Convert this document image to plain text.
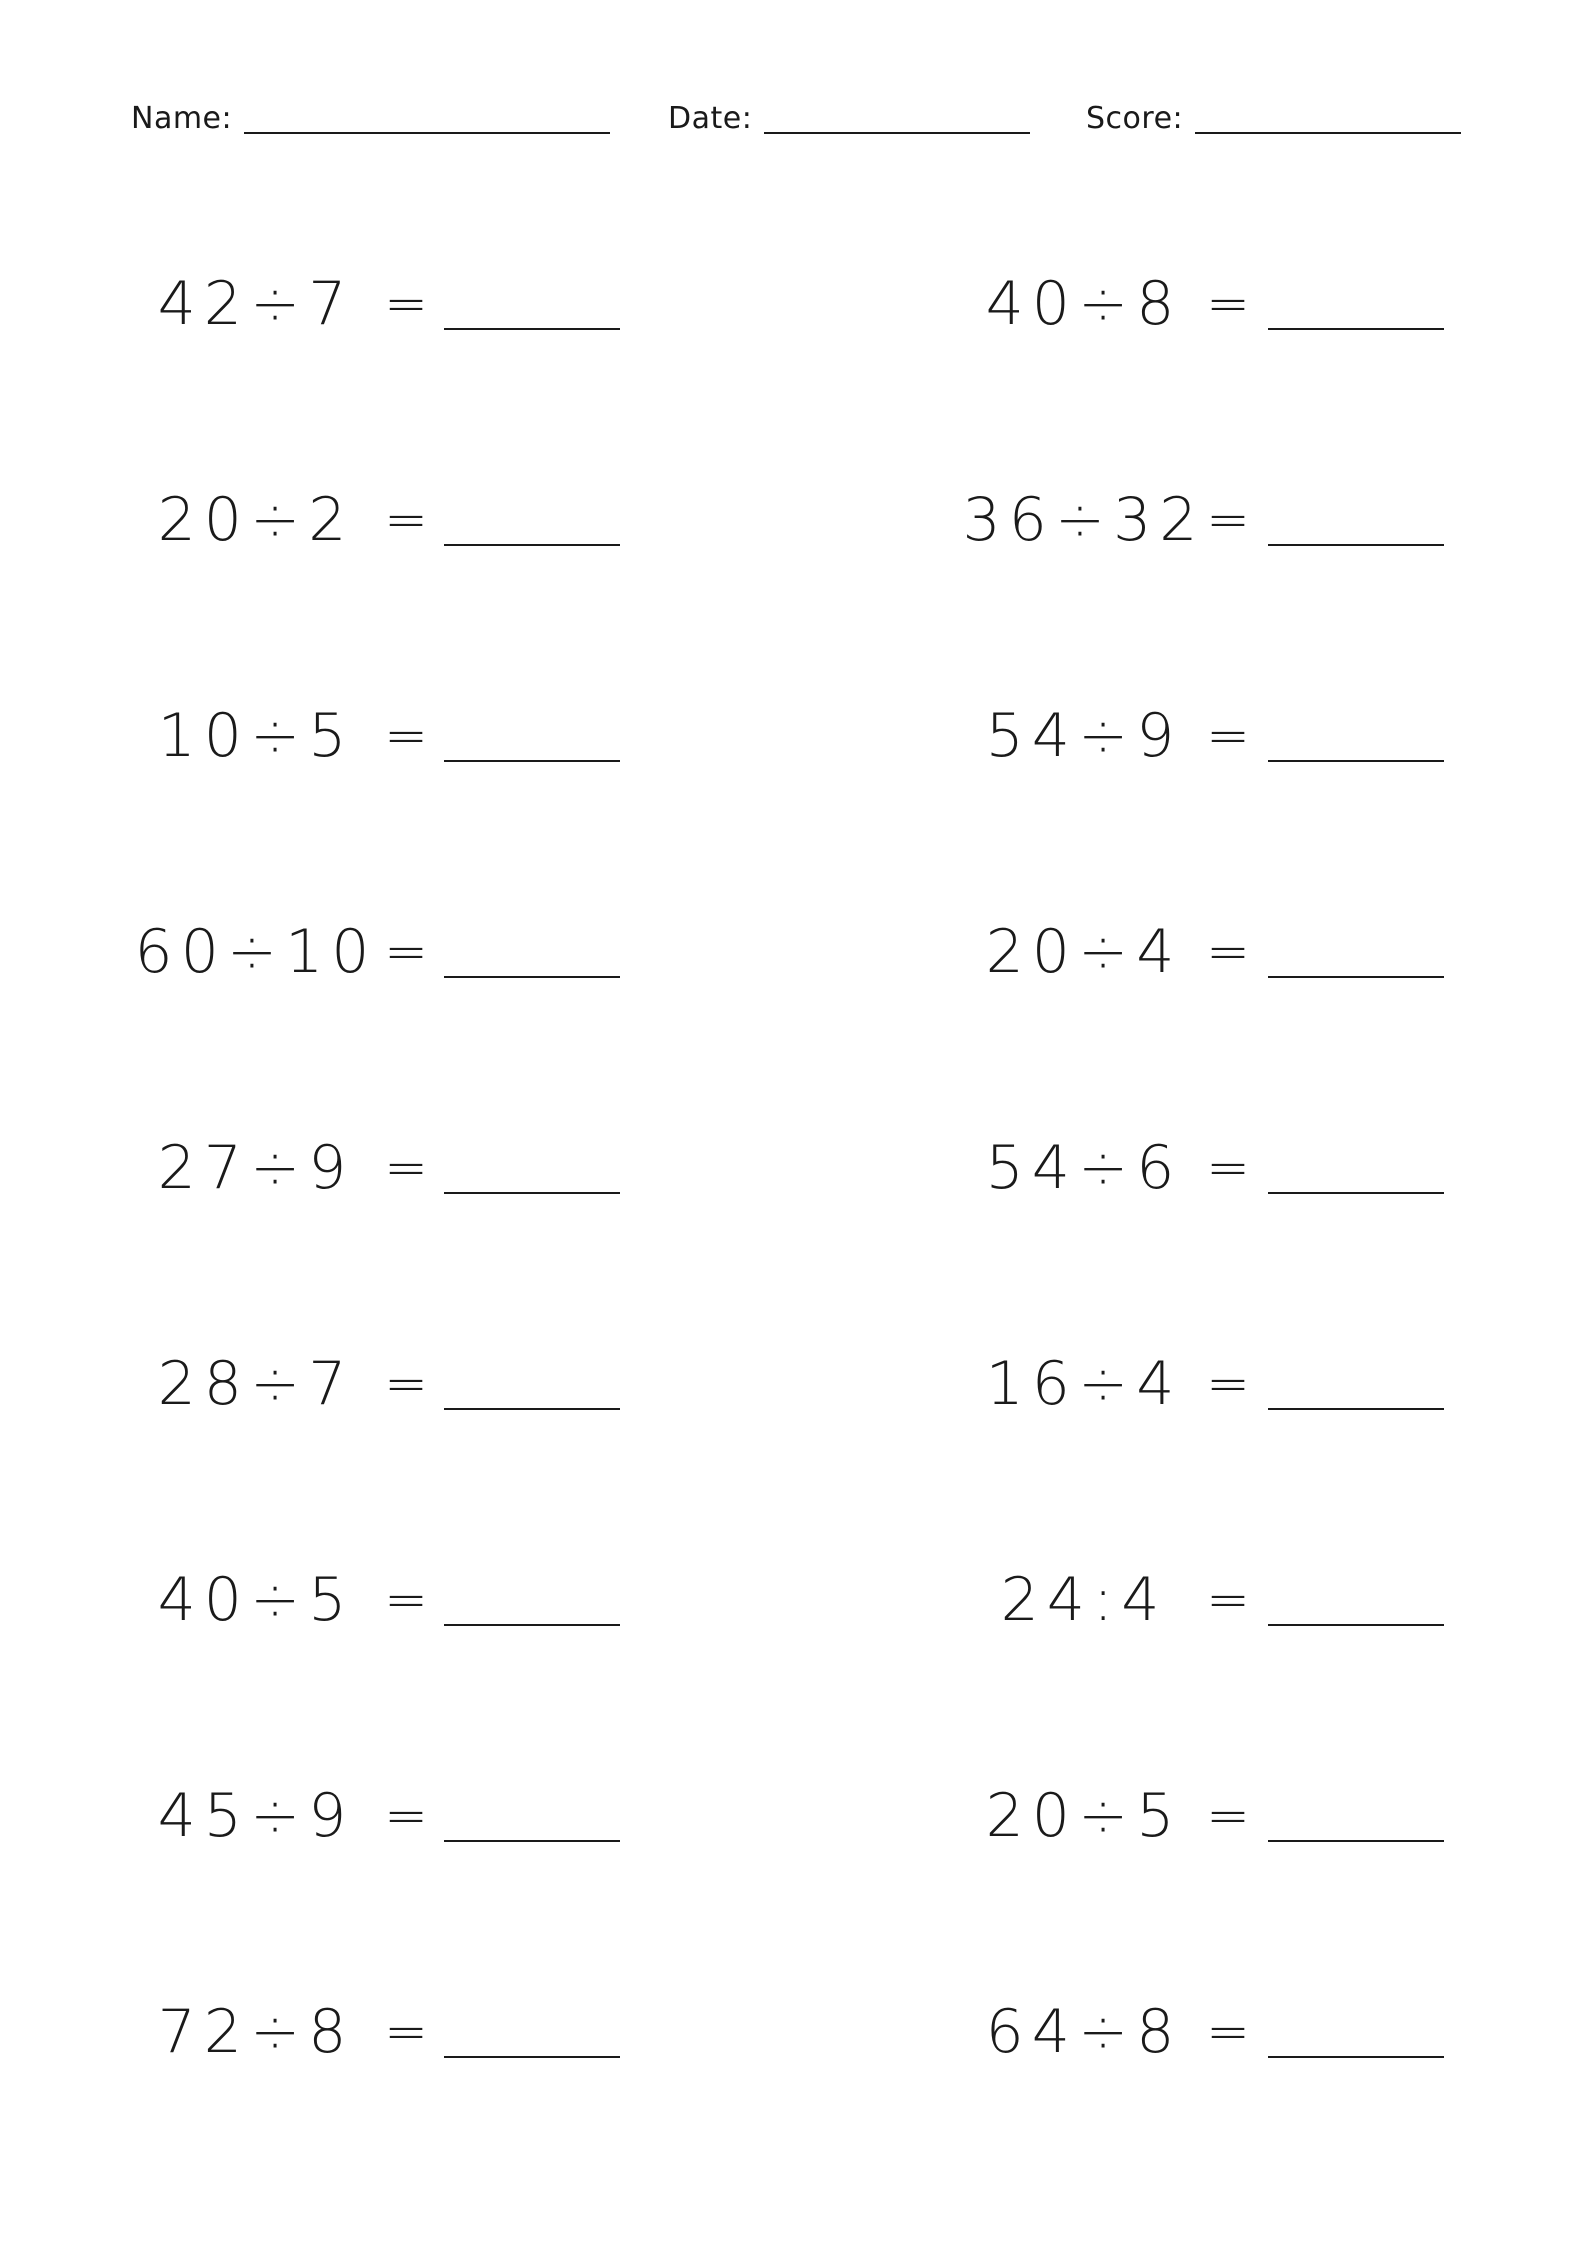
Name:	Date:	Score:
42÷7 =
20÷2 =
10÷5 =
60÷10 =
27÷9 =
28÷7 =
40÷5 =
45÷9 =
72÷8 =
40÷8 =
36÷32 =
54÷9 =
20÷4 =
54÷6 =
16÷4 =
24:4 =
20÷5 =
64÷8 =
